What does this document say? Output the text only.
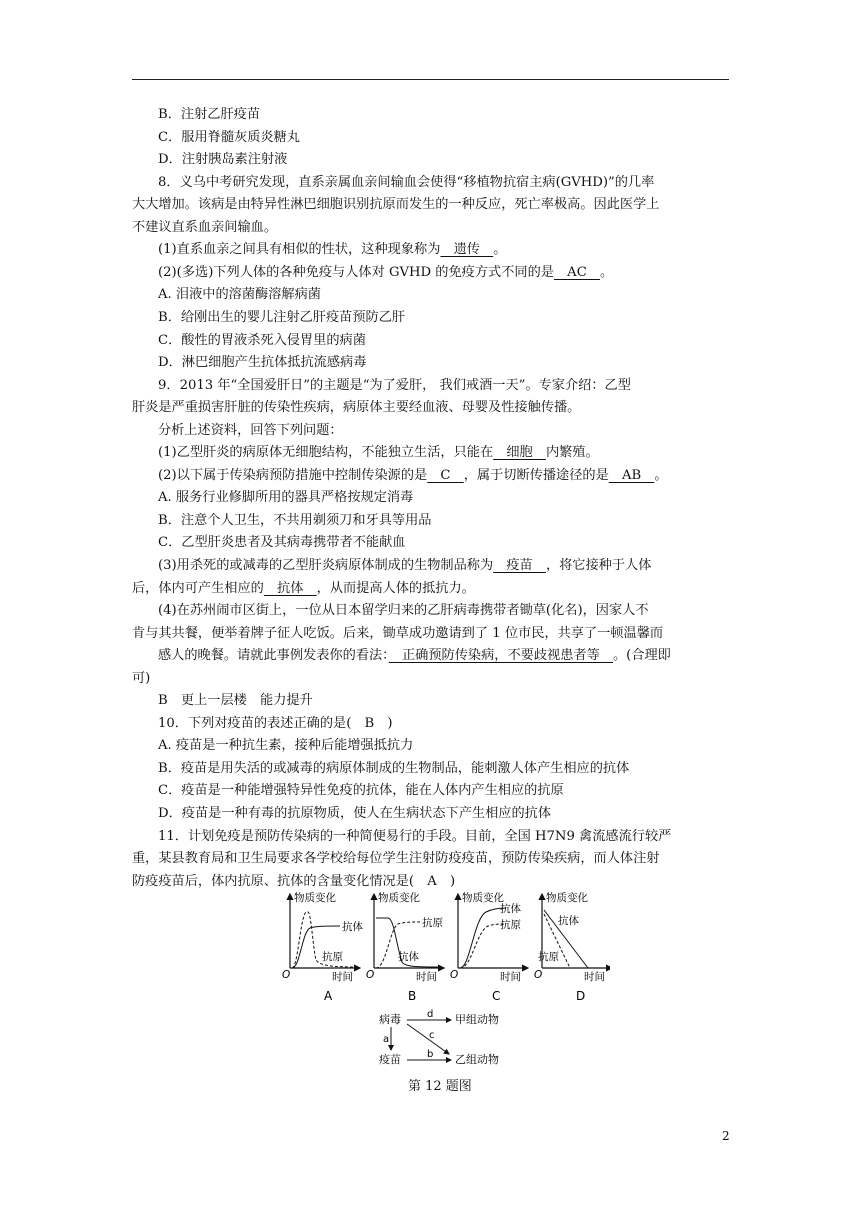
B．注射乙肝疫苗
C．服用脊髓灰质炎糖丸
D．注射胰岛素注射液
8．义乌中考研究发现，直系亲属血亲间输血会使得“移植物抗宿主病(GVHD)”的几率
大大增加。该病是由特异性淋巴细胞识别抗原而发生的一种反应，死亡率极高。因此医学上
不建议直系血亲间输血。
(1)直系血亲之间具有相似的性状，这种现象称为　遗传　。
(2)(多选)下列人体的各种免疫与人体对 GVHD 的免疫方式不同的是　AC　。
A. 泪液中的溶菌酶溶解病菌
B．给刚出生的婴儿注射乙肝疫苗预防乙肝
C．酸性的胃液杀死入侵胃里的病菌
D．淋巴细胞产生抗体抵抗流感病毒
9．2013 年“全国爱肝日”的主题是“为了爱肝， 我们戒酒一天”。专家介绍：乙型
肝炎是严重损害肝脏的传染性疾病，病原体主要经血液、母婴及性接触传播。
分析上述资料，回答下列问题：
(1)乙型肝炎的病原体无细胞结构，不能独立生活，只能在　细胞　内繁殖。
(2)以下属于传染病预防措施中控制传染源的是　C　，属于切断传播途径的是　AB　。
A. 服务行业修脚所用的器具严格按规定消毒
B．注意个人卫生，不共用剃须刀和牙具等用品
C．乙型肝炎患者及其病毒携带者不能献血
(3)用杀死的或减毒的乙型肝炎病原体制成的生物制品称为　疫苗　，将它接种于人体
后，体内可产生相应的　抗体　，从而提高人体的抵抗力。
(4)在苏州闹市区街上，一位从日本留学归来的乙肝病毒携带者锄草(化名)，因家人不
肯与其共餐，便举着牌子征人吃饭。后来，锄草成功邀请到了 1 位市民，共享了一顿温馨而
感人的晚餐。请就此事例发表你的看法：　正确预防传染病，不要歧视患者等　。(合理即
可)
B　更上一层楼　能力提升
10．下列对疫苗的表述正确的是(　B　)
A. 疫苗是一种抗生素，接种后能增强抵抗力
B．疫苗是用失活的或减毒的病原体制成的生物制品，能刺激人体产生相应的抗体
C．疫苗是一种能增强特异性免疫的抗体，能在人体内产生相应的抗原
D．疫苗是一种有毒的抗原物质，使人在生病状态下产生相应的抗体
11．计划免疫是预防传染病的一种简便易行的手段。目前，全国 H7N9 禽流感流行较严
重，某县教育局和卫生局要求各学校给每位学生注射防疫疫苗，预防传染疾病，而人体注射
防疫疫苗后，体内抗原、抗体的含量变化情况是(　A　)
物质变化
抗体
抗原
O	时间
物质变化
抗原
抗体
O	时间
物质变化
抗体
抗原
O	时间
物质变化
抗体
抗原
O	时间
A	B	C	D
病毒
疫苗
甲组动物
乙组动物
d
a	c
b
第 12 题图
2
